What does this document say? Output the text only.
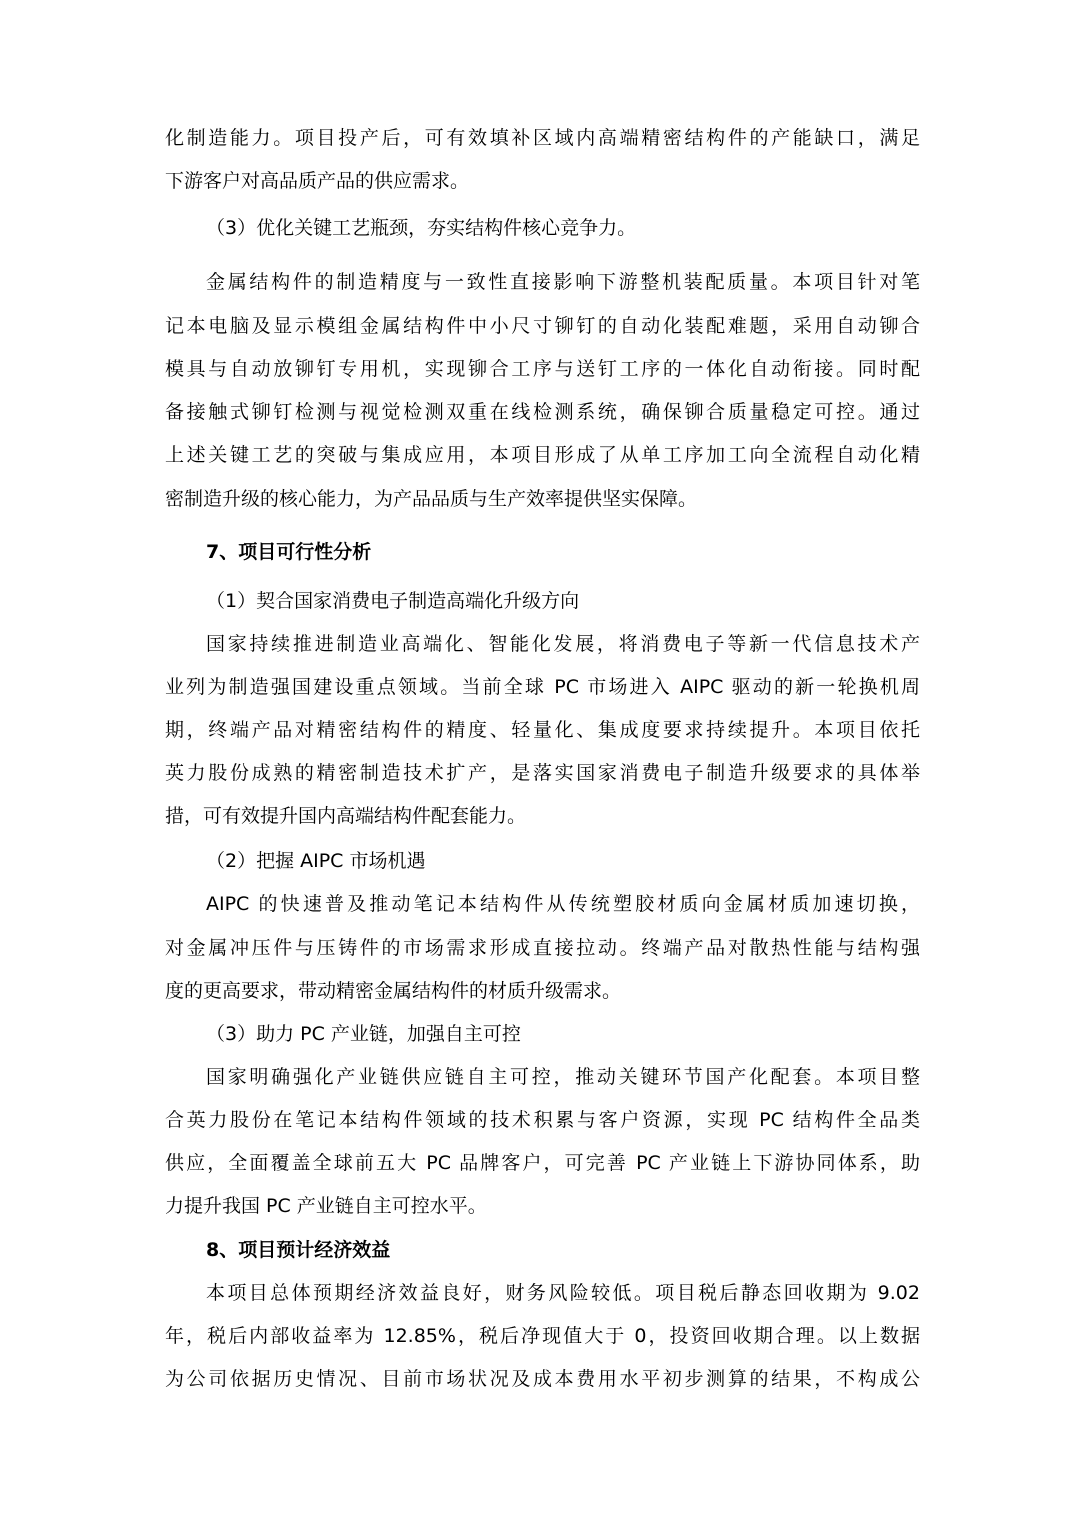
化制造能力。项目投产后，可有效填补区域内高端精密结构件的产能缺口，满足
下游客户对高品质产品的供应需求。
（3）优化关键工艺瓶颈，夯实结构件核心竞争力。
金属结构件的制造精度与一致性直接影响下游整机装配质量。本项目针对笔
记本电脑及显示模组金属结构件中小尺寸铆钉的自动化装配难题，采用自动铆合
模具与自动放铆钉专用机，实现铆合工序与送钉工序的一体化自动衔接。同时配
备接触式铆钉检测与视觉检测双重在线检测系统，确保铆合质量稳定可控。通过
上述关键工艺的突破与集成应用，本项目形成了从单工序加工向全流程自动化精
密制造升级的核心能力，为产品品质与生产效率提供坚实保障。
7、项目可行性分析
（1）契合国家消费电子制造高端化升级方向
国家持续推进制造业高端化、智能化发展，将消费电子等新一代信息技术产
业列为制造强国建设重点领域。当前全球 PC 市场进入 AIPC 驱动的新一轮换机周
期，终端产品对精密结构件的精度、轻量化、集成度要求持续提升。本项目依托
英力股份成熟的精密制造技术扩产，是落实国家消费电子制造升级要求的具体举
措，可有效提升国内高端结构件配套能力。
（2）把握 AIPC 市场机遇
AIPC 的快速普及推动笔记本结构件从传统塑胶材质向金属材质加速切换，
对金属冲压件与压铸件的市场需求形成直接拉动。终端产品对散热性能与结构强
度的更高要求，带动精密金属结构件的材质升级需求。
（3）助力 PC 产业链，加强自主可控
国家明确强化产业链供应链自主可控，推动关键环节国产化配套。本项目整
合英力股份在笔记本结构件领域的技术积累与客户资源，实现 PC 结构件全品类
供应，全面覆盖全球前五大 PC 品牌客户，可完善 PC 产业链上下游协同体系，助
力提升我国 PC 产业链自主可控水平。
8、项目预计经济效益
本项目总体预期经济效益良好，财务风险较低。项目税后静态回收期为 9.02
年，税后内部收益率为 12.85%，税后净现值大于 0，投资回收期合理。以上数据
为公司依据历史情况、目前市场状况及成本费用水平初步测算的结果，不构成公
